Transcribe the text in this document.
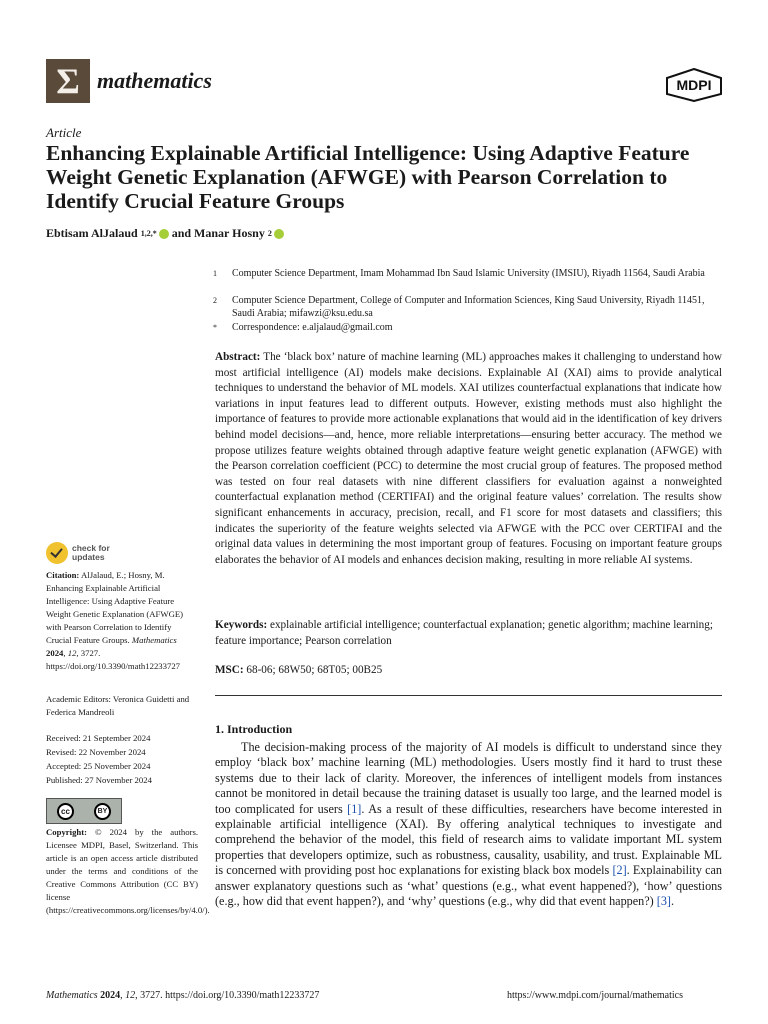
Σ mathematics	MDPI
Article
Enhancing Explainable Artificial Intelligence: Using Adaptive Feature Weight Genetic Explanation (AFWGE) with Pearson Correlation to Identify Crucial Feature Groups
Ebtisam AlJalaud
1,2,* and Manar Hosny
2
1 Computer Science Department, Imam Mohammad Ibn Saud Islamic University (IMSIU), Riyadh 11564, Saudi Arabia
2 Computer Science Department, College of Computer and Information Sciences, King Saud University, Riyadh 11451, Saudi Arabia; mifawzi@ksu.edu.sa
* Correspondence: e.aljalaud@gmail.com
Abstract: The ‘black box’ nature of machine learning (ML) approaches makes it challenging to understand how most artificial intelligence (AI) models make decisions. Explainable AI (XAI) aims to provide analytical techniques to understand the behavior of ML models. XAI utilizes counterfactual explanations that indicate how variations in input features lead to different outputs. However, existing methods must also highlight the importance of features to provide more actionable explanations that would aid in the identification of key drivers behind model decisions—and, hence, more reliable interpretations—ensuring better accuracy. The method we propose utilizes feature weights obtained through adaptive feature weight genetic explanation (AFWGE) with the Pearson correlation coefficient (PCC) to determine the most crucial group of features. The proposed method was tested on four real datasets with nine different classifiers for evaluation against a nonweighted counterfactual explanation method (CERTIFAI) and the original feature values’ correlation. The results show significant enhancements in accuracy, precision, recall, and F1 score for most datasets and classifiers; this indicates the superiority of the feature weights selected via AFWGE with the PCC over CERTIFAI and the original data values in determining the most important group of features. Focusing on important feature groups elaborates the behavior of AI models and enhances decision making, resulting in more reliable AI systems.
Keywords: explainable artificial intelligence; counterfactual explanation; genetic algorithm; machine learning; feature importance; Pearson correlation
MSC: 68-06; 68W50; 68T05; 00B25
1. Introduction
The decision-making process of the majority of AI models is difficult to understand since they employ ‘black box’ machine learning (ML) methodologies. Users mostly find it hard to trust these systems due to their lack of clarity. Moreover, the inferences of intelligent models from instances cannot be monitored in detail because the training dataset is usually too large, and the learned model is too complicated for users [1]. As a result of these difficulties, researchers have become interested in explainable artificial intelligence (XAI). By offering analytical techniques to investigate and comprehend the behavior of the model, this field of research aims to validate important ML system properties that developers optimize, such as robustness, causality, usability, and trust. Explainable ML is concerned with providing post hoc explanations for existing black box models [2]. Explainability can answer explanatory questions such as ‘what’ questions (e.g., what event happened?), ‘how’ questions (e.g., how did that event happen?), and ‘why’ questions (e.g., why did that event happen?) [3].
check for
updates
Citation: AlJalaud, E.; Hosny, M. Enhancing Explainable Artificial Intelligence: Using Adaptive Feature Weight Genetic Explanation (AFWGE) with Pearson Correlation to Identify Crucial Feature Groups. Mathematics 2024, 12, 3727. https://doi.org/10.3390/math12233727
Academic Editors: Veronica Guidetti and Federica Mandreoli
Received: 21 September 2024
Revised: 22 November 2024
Accepted: 25 November 2024
Published: 27 November 2024
cc	BY
Copyright: © 2024 by the authors. Licensee MDPI, Basel, Switzerland. This article is an open access article distributed under the terms and conditions of the Creative Commons Attribution (CC BY) license (https://creativecommons.org/licenses/by/4.0/).
Mathematics 2024, 12, 3727. https://doi.org/10.3390/math12233727	https://www.mdpi.com/journal/mathematics
